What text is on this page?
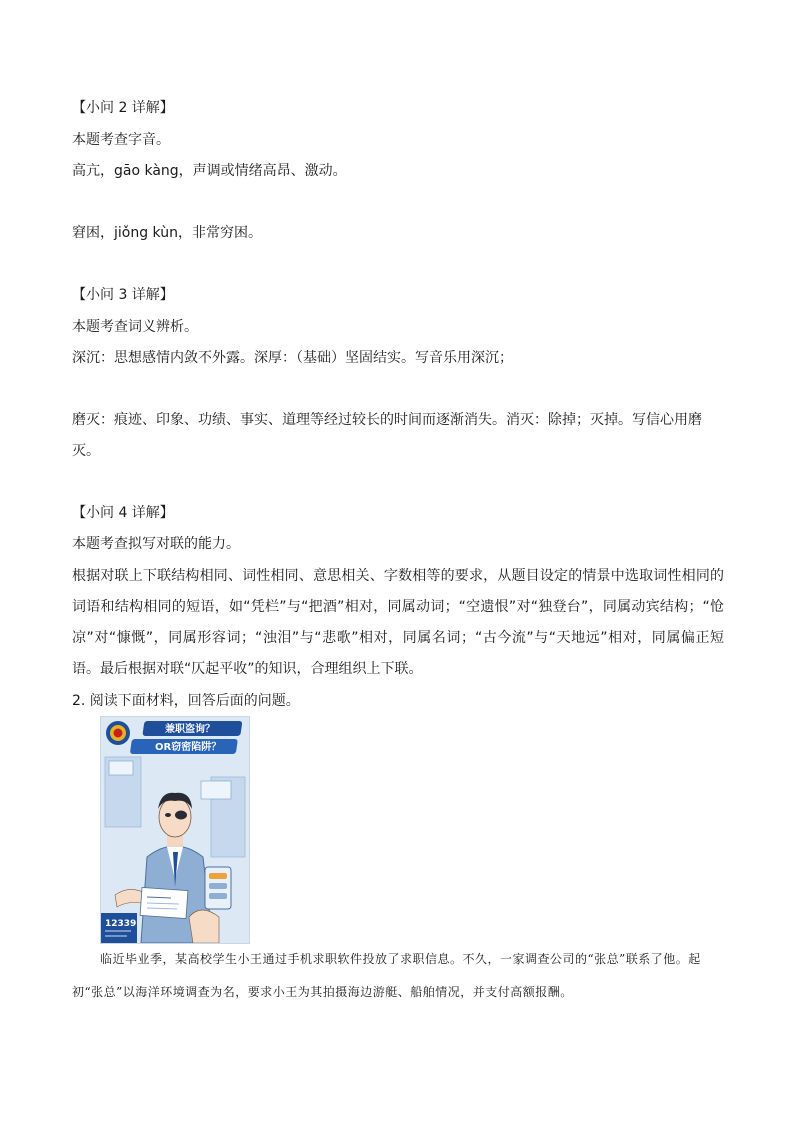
【小问 2 详解】
本题考查字音。
高亢，gāo kàng，声调或情绪高昂、激动。
窘困，jiǒng kùn，非常穷困。
【小问 3 详解】
本题考查词义辨析。
深沉：思想感情内敛不外露。深厚：（基础）坚固结实。写音乐用深沉；
磨灭：痕迹、印象、功绩、事实、道理等经过较长的时间而逐渐消失。消灭：除掉；灭掉。写信心用磨灭。
【小问 4 详解】
本题考查拟写对联的能力。
根据对联上下联结构相同、词性相同、意思相关、字数相等的要求，从题目设定的情景中选取词性相同的词语和结构相同的短语，如“凭栏”与“把酒”相对，同属动词；“空遗恨”对“独登台”，同属动宾结构；“怆凉”对“慷慨”，同属形容词；“浊泪”与“悲歌”相对，同属名词；“古今流”与“天地远”相对，同属偏正短语。最后根据对联“仄起平收”的知识，合理组织上下联。
2. 阅读下面材料，回答后面的问题。
兼职盗询？
OR窃密陷阱？
12339
临近毕业季，某高校学生小王通过手机求职软件投放了求职信息。不久，一家调查公司的“张总”联系了他。起初“张总”以海洋环境调查为名，要求小王为其拍摄海边游艇、船舶情况，并支付高额报酬。
